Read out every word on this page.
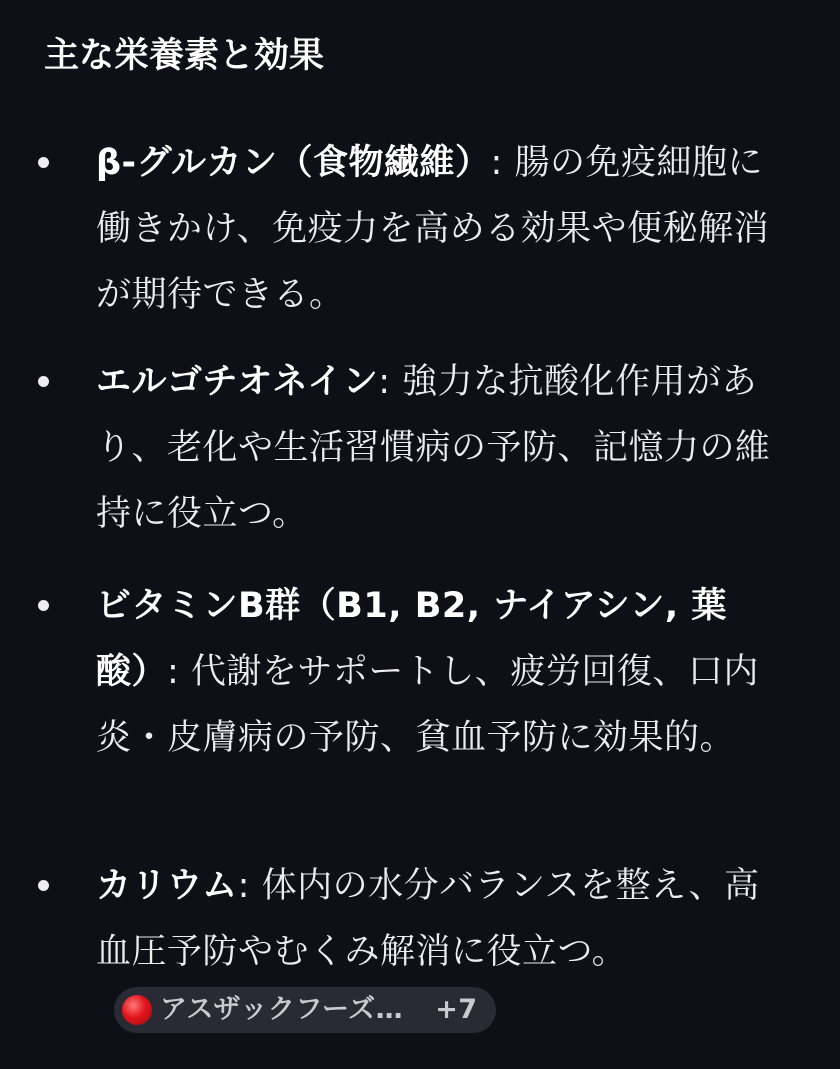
主な栄養素と効果

β-グルカン（食物繊維）: 腸の免疫細胞に働きかけ、免疫力を高める効果や便秘解消が期待できる。

エルゴチオネイン: 強力な抗酸化作用があり、老化や生活習慣病の予防、記憶力の維持に役立つ。

ビタミンB群（B1, B2, ナイアシン, 葉酸）: 代謝をサポートし、疲労回復、口内炎・皮膚病の予防、貧血予防に効果的。

カリウム: 体内の水分バランスを整え、高血圧予防やむくみ解消に役立つ。
アスザックフーズ… +7
